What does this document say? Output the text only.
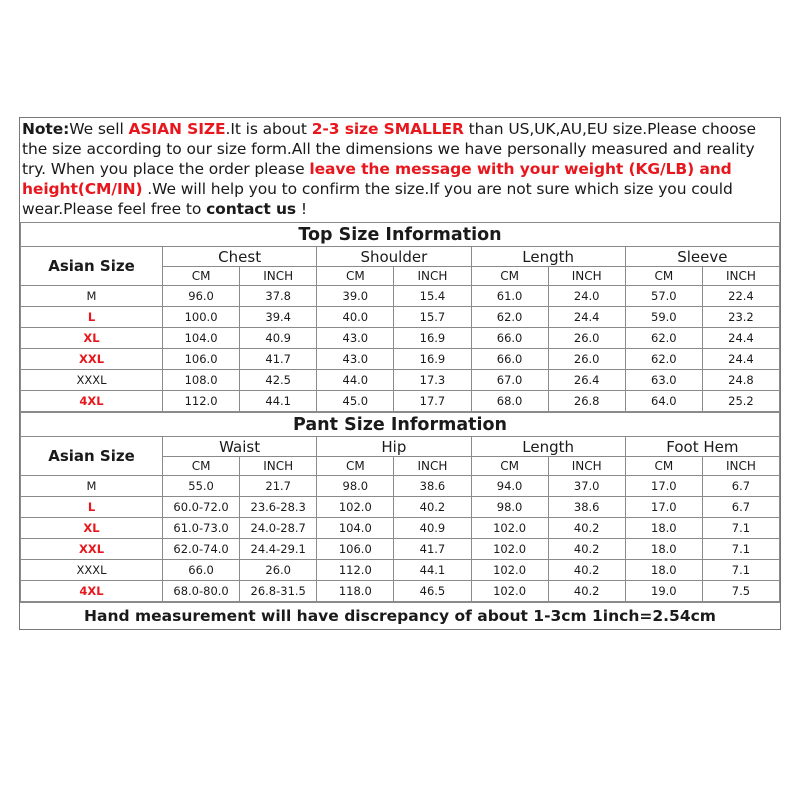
Note:We sell ASIAN SIZE.It is about 2-3 size SMALLER than US,UK,AU,EU size.Please choose the size according to our size form.All the dimensions we have personally measured and reality try. When you place the order please leave the message with your weight (KG/LB) and height(CM/IN) .We will help you to confirm the size.If you are not sure which size you could wear.Please feel free to contact us !
Top Size Information								
Asian Size	Chest		Shoulder		Length		Sleeve	
	CM	INCH	CM	INCH	CM	INCH	CM	INCH
M	96.0	37.8	39.0	15.4	61.0	24.0	57.0	22.4
L	100.0	39.4	40.0	15.7	62.0	24.4	59.0	23.2
XL	104.0	40.9	43.0	16.9	66.0	26.0	62.0	24.4
XXL	106.0	41.7	43.0	16.9	66.0	26.0	62.0	24.4
XXXL	108.0	42.5	44.0	17.3	67.0	26.4	63.0	24.8
4XL	112.0	44.1	45.0	17.7	68.0	26.8	64.0	25.2
Pant Size Information								
Asian Size	Waist		Hip		Length		Foot Hem	
	CM	INCH	CM	INCH	CM	INCH	CM	INCH
M	55.0	21.7	98.0	38.6	94.0	37.0	17.0	6.7
L	60.0-72.0	23.6-28.3	102.0	40.2	98.0	38.6	17.0	6.7
XL	61.0-73.0	24.0-28.7	104.0	40.9	102.0	40.2	18.0	7.1
XXL	62.0-74.0	24.4-29.1	106.0	41.7	102.0	40.2	18.0	7.1
XXXL	66.0	26.0	112.0	44.1	102.0	40.2	18.0	7.1
4XL	68.0-80.0	26.8-31.5	118.0	46.5	102.0	40.2	19.0	7.5
Hand measurement will have discrepancy of about 1-3cm 1inch=2.54cm
